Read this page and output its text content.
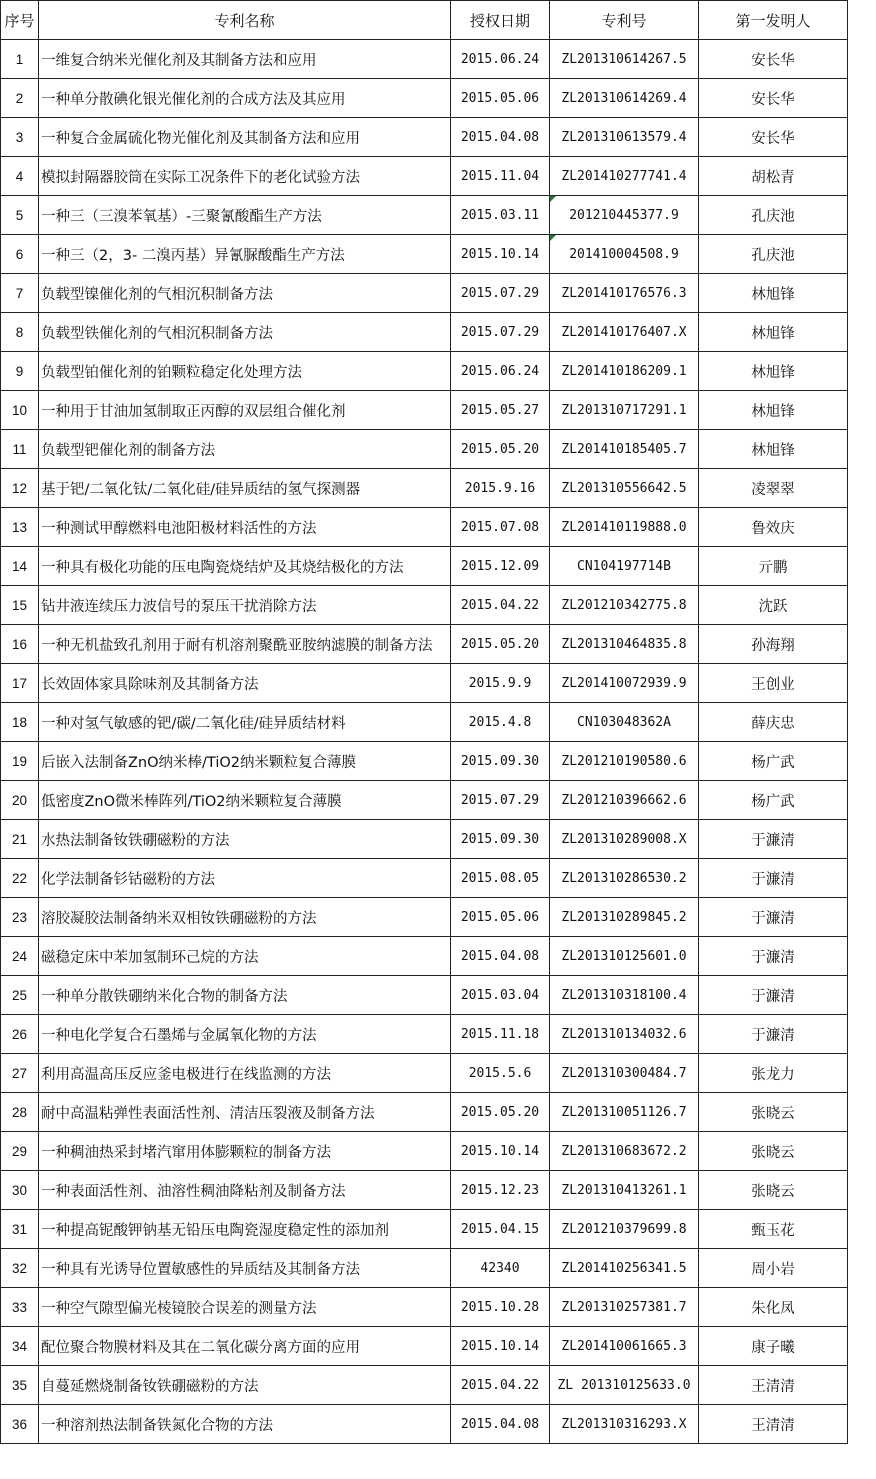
序号	专利名称	授权日期	专利号	第一发明人
1	一维复合纳米光催化剂及其制备方法和应用	2015.06.24	ZL201310614267.5	安长华
2	一种单分散碘化银光催化剂的合成方法及其应用	2015.05.06	ZL201310614269.4	安长华
3	一种复合金属硫化物光催化剂及其制备方法和应用	2015.04.08	ZL201310613579.4	安长华
4	模拟封隔器胶筒在实际工况条件下的老化试验方法	2015.11.04	ZL201410277741.4	胡松青
5	一种三（三溴苯氧基）-三聚氰酸酯生产方法	2015.03.11	201210445377.9	孔庆池
6	一种三（2，3- 二溴丙基）异氰脲酸酯生产方法	2015.10.14	201410004508.9	孔庆池
7	负载型镍催化剂的气相沉积制备方法	2015.07.29	ZL201410176576.3	林旭锋
8	负载型铁催化剂的气相沉积制备方法	2015.07.29	ZL201410176407.X	林旭锋
9	负载型铂催化剂的铂颗粒稳定化处理方法	2015.06.24	ZL201410186209.1	林旭锋
10	一种用于甘油加氢制取正丙醇的双层组合催化剂	2015.05.27	ZL201310717291.1	林旭锋
11	负载型钯催化剂的制备方法	2015.05.20	ZL201410185405.7	林旭锋
12	基于钯/二氧化钛/二氧化硅/硅异质结的氢气探测器	2015.9.16	ZL201310556642.5	凌翠翠
13	一种测试甲醇燃料电池阳极材料活性的方法	2015.07.08	ZL201410119888.0	鲁效庆
14	一种具有极化功能的压电陶瓷烧结炉及其烧结极化的方法	2015.12.09	CN104197714B	亓鹏
15	钻井液连续压力波信号的泵压干扰消除方法	2015.04.22	ZL201210342775.8	沈跃
16	一种无机盐致孔剂用于耐有机溶剂聚酰亚胺纳滤膜的制备方法	2015.05.20	ZL201310464835.8	孙海翔
17	长效固体家具除味剂及其制备方法	2015.9.9	ZL201410072939.9	王创业
18	一种对氢气敏感的钯/碳/二氧化硅/硅异质结材料	2015.4.8	CN103048362A	薛庆忠
19	后嵌入法制备ZnO纳米棒/TiO2纳米颗粒复合薄膜	2015.09.30	ZL201210190580.6	杨广武
20	低密度ZnO微米棒阵列/TiO2纳米颗粒复合薄膜	2015.07.29	ZL201210396662.6	杨广武
21	水热法制备钕铁硼磁粉的方法	2015.09.30	ZL201310289008.X	于濂清
22	化学法制备钐钴磁粉的方法	2015.08.05	ZL201310286530.2	于濂清
23	溶胶凝胶法制备纳米双相钕铁硼磁粉的方法	2015.05.06	ZL201310289845.2	于濂清
24	磁稳定床中苯加氢制环己烷的方法	2015.04.08	ZL201310125601.0	于濂清
25	一种单分散铁硼纳米化合物的制备方法	2015.03.04	ZL201310318100.4	于濂清
26	一种电化学复合石墨烯与金属氧化物的方法	2015.11.18	ZL201310134032.6	于濂清
27	利用高温高压反应釜电极进行在线监测的方法	2015.5.6	ZL201310300484.7	张龙力
28	耐中高温粘弹性表面活性剂、清洁压裂液及制备方法	2015.05.20	ZL201310051126.7	张晓云
29	一种稠油热采封堵汽窜用体膨颗粒的制备方法	2015.10.14	ZL201310683672.2	张晓云
30	一种表面活性剂、油溶性稠油降粘剂及制备方法	2015.12.23	ZL201310413261.1	张晓云
31	一种提高铌酸钾钠基无铅压电陶瓷湿度稳定性的添加剂	2015.04.15	ZL201210379699.8	甄玉花
32	一种具有光诱导位置敏感性的异质结及其制备方法	42340	ZL201410256341.5	周小岩
33	一种空气隙型偏光棱镜胶合误差的测量方法	2015.10.28	ZL201310257381.7	朱化凤
34	配位聚合物膜材料及其在二氧化碳分离方面的应用	2015.10.14	ZL201410061665.3	康子曦
35	自蔓延燃烧制备钕铁硼磁粉的方法	2015.04.22	ZL 201310125633.0	王清清
36	一种溶剂热法制备铁氮化合物的方法	2015.04.08	ZL201310316293.X	王清清
